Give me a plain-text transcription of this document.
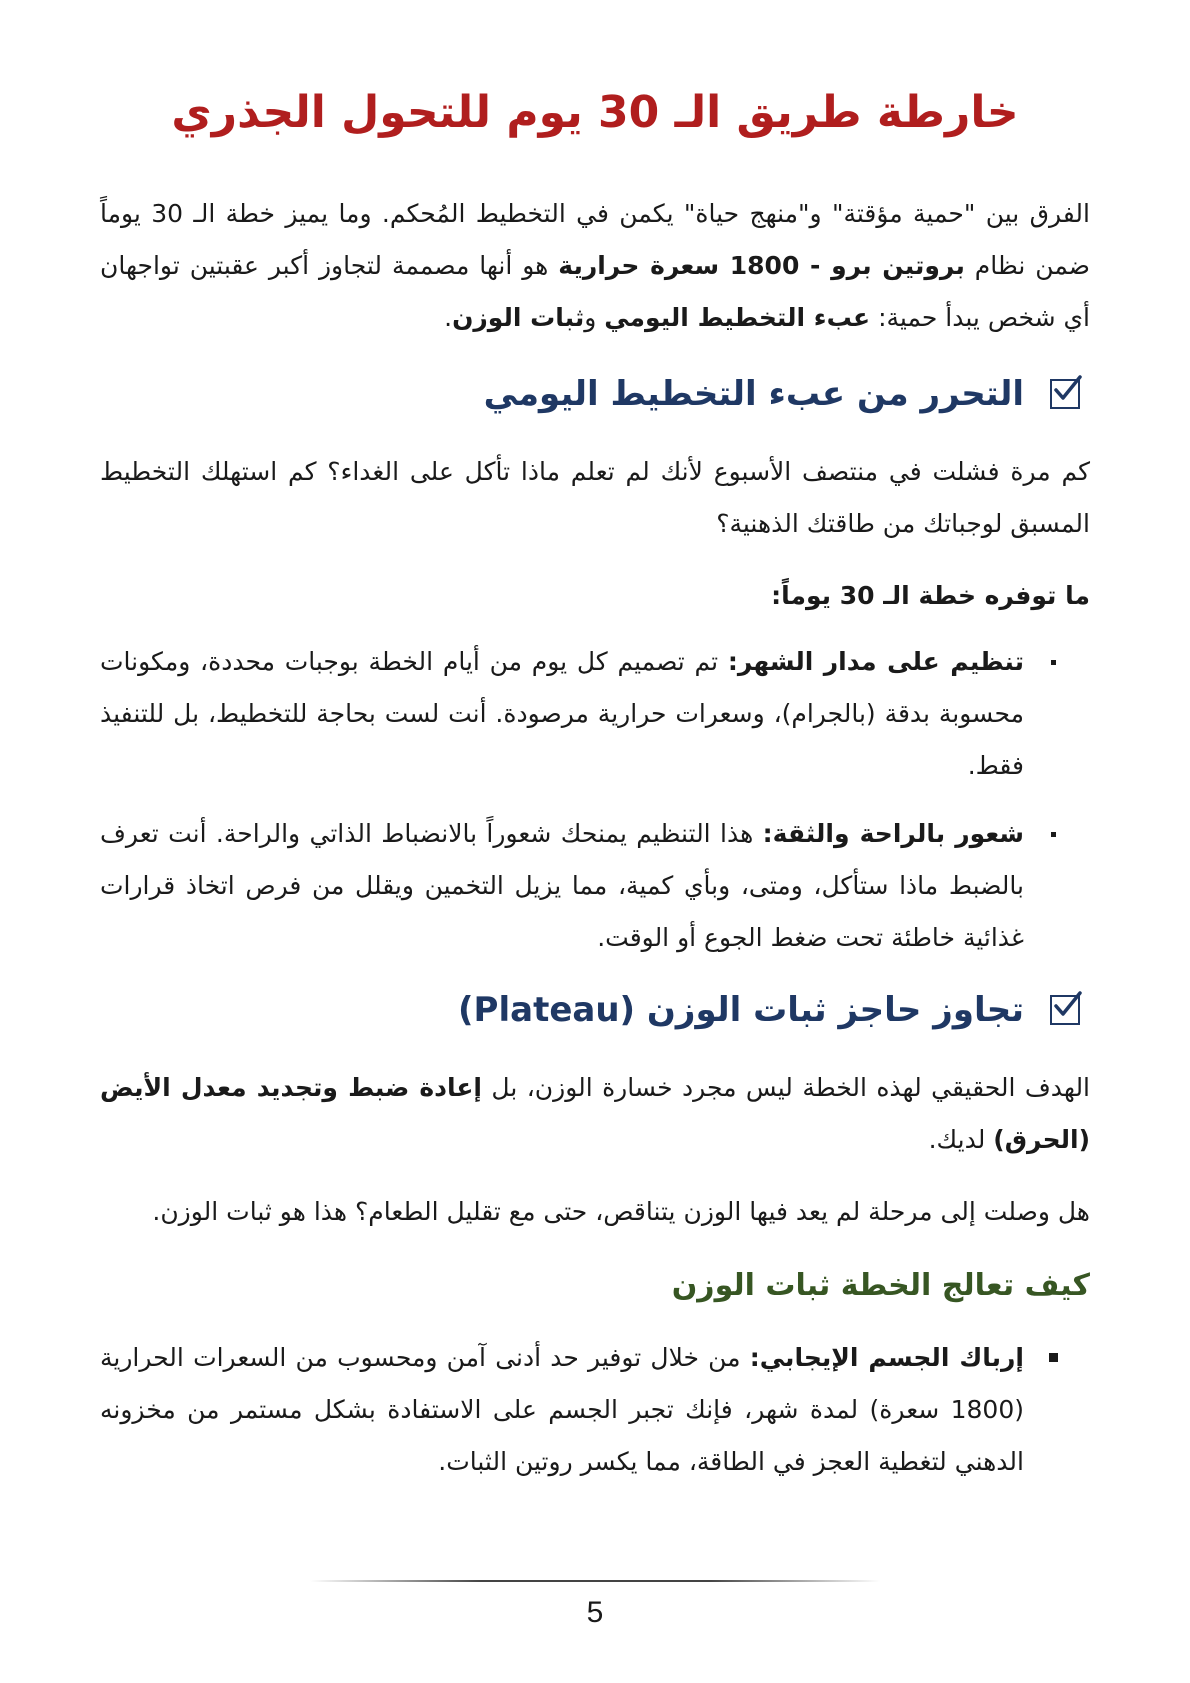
خارطة طريق الـ 30 يوم للتحول الجذري

الفرق بين "حمية مؤقتة" و"منهج حياة" يكمن في التخطيط المُحكم. وما يميز خطة الـ 30 يوماً ضمن نظام بروتين برو - 1800 سعرة حرارية هو أنها مصممة لتجاوز أكبر عقبتين تواجهان أي شخص يبدأ حمية: عبء التخطيط اليومي وثبات الوزن.

التحرر من عبء التخطيط اليومي

كم مرة فشلت في منتصف الأسبوع لأنك لم تعلم ماذا تأكل على الغداء؟ كم استهلك التخطيط المسبق لوجباتك من طاقتك الذهنية؟

ما توفره خطة الـ 30 يوماً:
تنظيم على مدار الشهر: تم تصميم كل يوم من أيام الخطة بوجبات محددة، ومكونات محسوبة بدقة (بالجرام)، وسعرات حرارية مرصودة. أنت لست بحاجة للتخطيط، بل للتنفيذ فقط.
شعور بالراحة والثقة: هذا التنظيم يمنحك شعوراً بالانضباط الذاتي والراحة. أنت تعرف بالضبط ماذا ستأكل، ومتى، وبأي كمية، مما يزيل التخمين ويقلل من فرص اتخاذ قرارات غذائية خاطئة تحت ضغط الجوع أو الوقت.
تجاوز حاجز ثبات الوزن (Plateau)

الهدف الحقيقي لهذه الخطة ليس مجرد خسارة الوزن، بل إعادة ضبط وتجديد معدل الأيض (الحرق) لديك.

هل وصلت إلى مرحلة لم يعد فيها الوزن يتناقص، حتى مع تقليل الطعام؟ هذا هو ثبات الوزن.

كيف تعالج الخطة ثبات الوزن
إرباك الجسم الإيجابي: من خلال توفير حد أدنى آمن ومحسوب من السعرات الحرارية (1800 سعرة) لمدة شهر، فإنك تجبر الجسم على الاستفادة بشكل مستمر من مخزونه الدهني لتغطية العجز في الطاقة، مما يكسر روتين الثبات.
5
